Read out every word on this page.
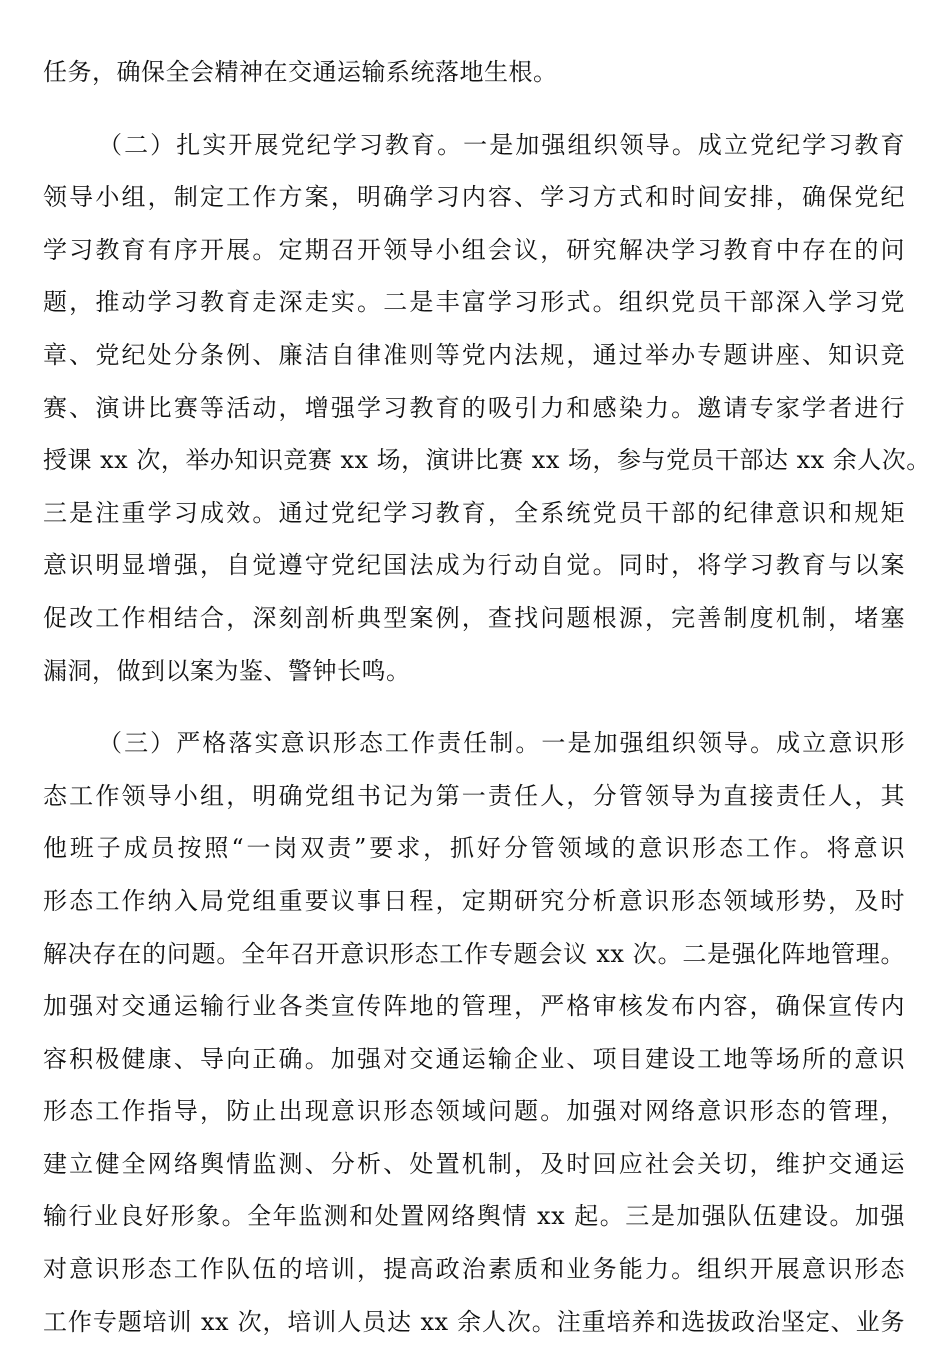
任务，确保全会精神在交通运输系统落地生根。
（二）扎实开展党纪学习教育。一是加强组织领导。成立党纪学习教育
领导小组，制定工作方案，明确学习内容、学习方式和时间安排，确保党纪
学习教育有序开展。定期召开领导小组会议，研究解决学习教育中存在的问
题，推动学习教育走深走实。二是丰富学习形式。组织党员干部深入学习党
章、党纪处分条例、廉洁自律准则等党内法规，通过举办专题讲座、知识竞
赛、演讲比赛等活动，增强学习教育的吸引力和感染力。邀请专家学者进行
授课 xx 次，举办知识竞赛 xx 场，演讲比赛 xx 场，参与党员干部达 xx 余人次。
三是注重学习成效。通过党纪学习教育，全系统党员干部的纪律意识和规矩
意识明显增强，自觉遵守党纪国法成为行动自觉。同时，将学习教育与以案
促改工作相结合，深刻剖析典型案例，查找问题根源，完善制度机制，堵塞
漏洞，做到以案为鉴、警钟长鸣。
（三）严格落实意识形态工作责任制。一是加强组织领导。成立意识形
态工作领导小组，明确党组书记为第一责任人，分管领导为直接责任人，其
他班子成员按照“一岗双责”要求，抓好分管领域的意识形态工作。将意识
形态工作纳入局党组重要议事日程，定期研究分析意识形态领域形势，及时
解决存在的问题。全年召开意识形态工作专题会议 xx 次。二是强化阵地管理。
加强对交通运输行业各类宣传阵地的管理，严格审核发布内容，确保宣传内
容积极健康、导向正确。加强对交通运输企业、项目建设工地等场所的意识
形态工作指导，防止出现意识形态领域问题。加强对网络意识形态的管理，
建立健全网络舆情监测、分析、处置机制，及时回应社会关切，维护交通运
输行业良好形象。全年监测和处置网络舆情 xx 起。三是加强队伍建设。加强
对意识形态工作队伍的培训，提高政治素质和业务能力。组织开展意识形态
工作专题培训 xx 次，培训人员达 xx 余人次。注重培养和选拔政治坚定、业务
